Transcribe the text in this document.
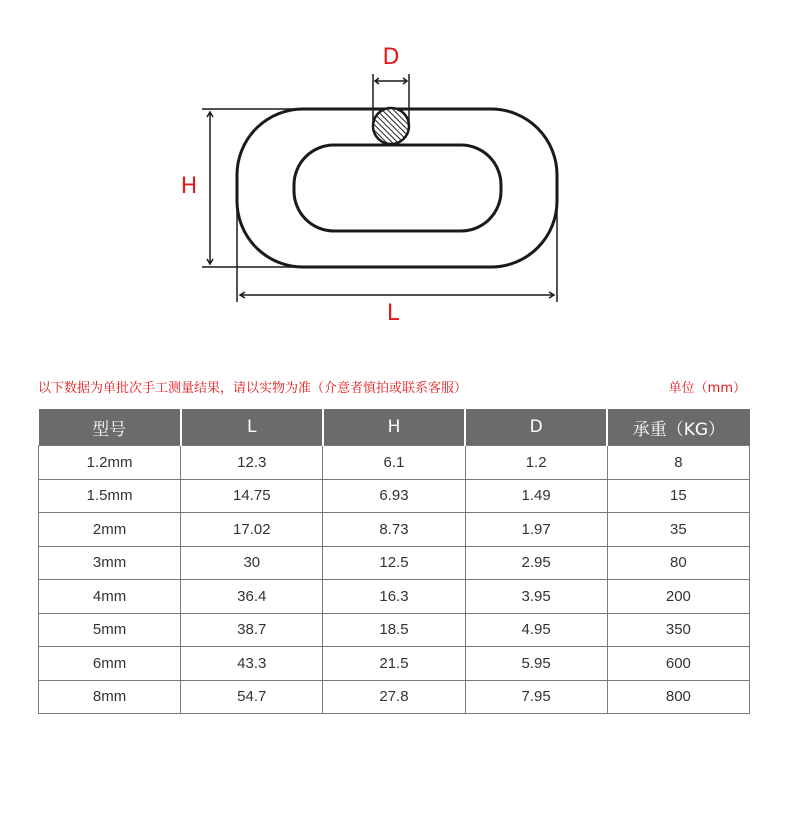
D
H
L
以下数据为单批次手工测量结果，请以实物为准（介意者慎拍或联系客服）	单位（mm）
型号	L	H	D	承重（KG）
1.2mm	12.3	6.1	1.2	8
1.5mm	14.75	6.93	1.49	15
2mm	17.02	8.73	1.97	35
3mm	30	12.5	2.95	80
4mm	36.4	16.3	3.95	200
5mm	38.7	18.5	4.95	350
6mm	43.3	21.5	5.95	600
8mm	54.7	27.8	7.95	800
